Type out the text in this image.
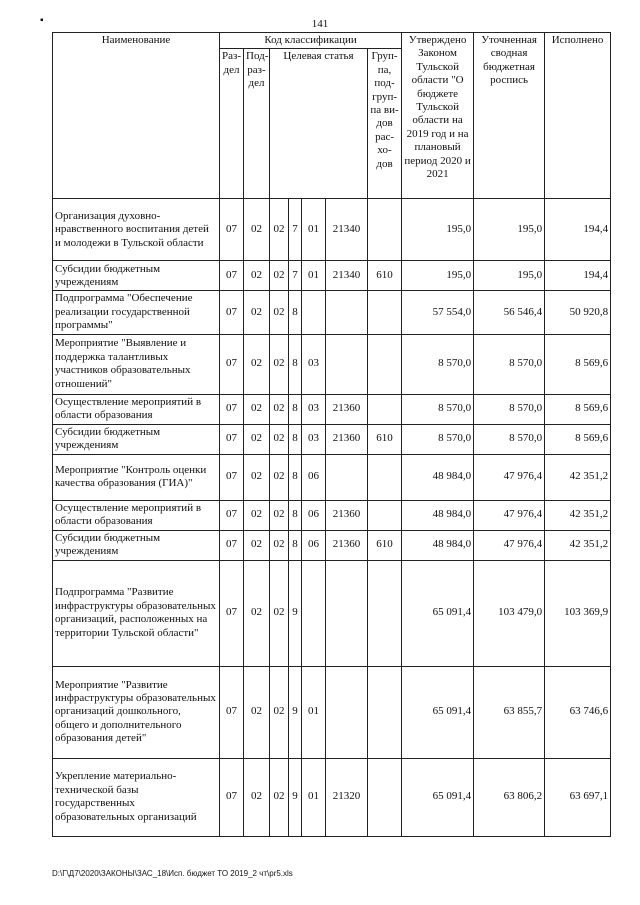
▪	141
Наименование	Код классификации							Утверждено Законом Тульской области "О бюджете Тульской области на 2019 год и на плановый период 2020 и 2021	Уточненная сводная бюджетная роспись	Исполнено
	Раз-дел	Под-раз-дел	Целевая статья				Груп-па, под-груп-па ви-дов рас-хо-дов			
Организация духовно-нравственного воспитания детей и молодежи в Тульской области	07	02	02	7	01	21340		195,0	195,0	194,4
Субсидии бюджетным учреждениям	07	02	02	7	01	21340	610	195,0	195,0	194,4
Подпрограмма "Обеспечение реализации государственной программы"	07	02	02	8				57 554,0	56 546,4	50 920,8
Мероприятие "Выявление и поддержка талантливых участников образовательных отношений"	07	02	02	8	03			8 570,0	8 570,0	8 569,6
Осуществление мероприятий в области образования	07	02	02	8	03	21360		8 570,0	8 570,0	8 569,6
Субсидии бюджетным учреждениям	07	02	02	8	03	21360	610	8 570,0	8 570,0	8 569,6
Мероприятие "Контроль оценки качества образования (ГИА)"	07	02	02	8	06			48 984,0	47 976,4	42 351,2
Осуществление мероприятий в области образования	07	02	02	8	06	21360		48 984,0	47 976,4	42 351,2
Субсидии бюджетным учреждениям	07	02	02	8	06	21360	610	48 984,0	47 976,4	42 351,2
Подпрограмма "Развитие инфраструктуры образовательных организаций, расположенных на территории Тульской области"	07	02	02	9				65 091,4	103 479,0	103 369,9
Мероприятие "Развитие инфраструктуры образовательных организаций дошкольного, общего и дополнительного образования детей"	07	02	02	9	01			65 091,4	63 855,7	63 746,6
Укрепление материально-технической базы государственных образовательных организаций	07	02	02	9	01	21320		65 091,4	63 806,2	63 697,1
D:\Г\Д7\2020\ЗАКОНЫ\ЗАС_18\Исп. бюджет ТО 2019_2 чт\pr5.xls
